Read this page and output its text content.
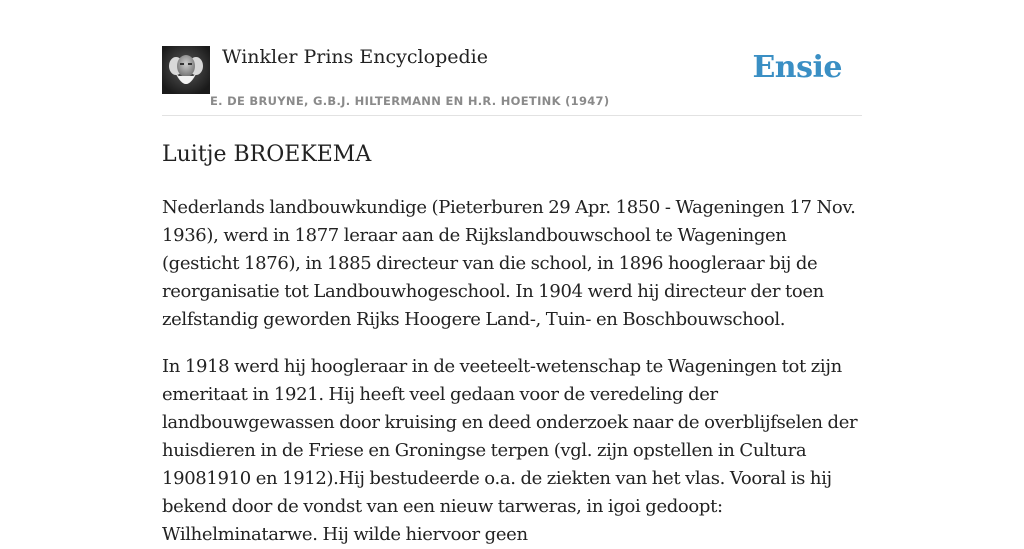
Winkler Prins Encyclopedie
E. DE BRUYNE, G.B.J. HILTERMANN EN H.R. HOETINK (1947)
Ensie
Luitje BROEKEMA

Nederlands landbouwkundige (Pieterburen 29 Apr. 1850 - Wageningen 17 Nov. 1936), werd in 1877 leraar aan de Rijkslandbouwschool te Wageningen (gesticht 1876), in 1885 directeur van die school, in 1896 hoogleraar bij de reorganisatie tot Landbouwhogeschool. In 1904 werd hij directeur der toen zelfstandig geworden Rijks Hoogere Land-, Tuin- en Boschbouwschool.

In 1918 werd hij hoogleraar in de veeteelt-wetenschap te Wageningen tot zijn emeritaat in 1921. Hij heeft veel gedaan voor de veredeling der landbouwgewassen door kruising en deed onderzoek naar de overblijfselen der huisdieren in de Friese en Groningse terpen (vgl. zijn opstellen in Cultura 19081910 en 1912).Hij bestudeerde o.a. de ziekten van het vlas. Vooral is hij bekend door de vondst van een nieuw tarweras, in igoi gedoopt: Wilhelminatarwe. Hij wilde hiervoor geen
